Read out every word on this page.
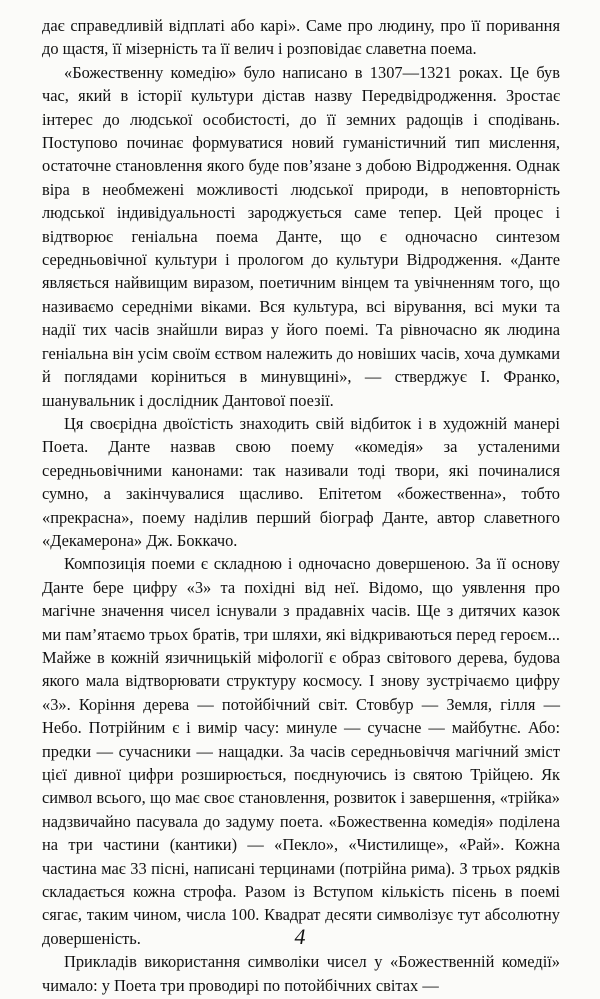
дає справедливій відплаті або карі». Саме про людину, про її поривання до щастя, її мізерність та її велич і розповідає славетна поема.

«Божественну комедію» було написано в 1307—1321 роках. Це був час, який в історії культури дістав назву Передвідродження. Зростає інтерес до людської особистості, до її земних радощів і сподівань. Поступово починає формуватися новий гуманістичний тип мислення, остаточне становлення якого буде пов’язане з добою Відродження. Однак віра в необмежені можливості людської природи, в неповторність людської індивідуальності зароджується саме тепер. Цей процес і відтворює геніальна поема Данте, що є одночасно синтезом середньовічної культури і прологом до культури Відродження. «Данте являється найвищим виразом, поетичним вінцем та увічненням того, що називаємо середніми віками. Вся культура, всі вірування, всі муки та надії тих часів знайшли вираз у його поемі. Та рівночасно як людина геніальна він усім своїм єством належить до новіших часів, хоча думками й поглядами коріниться в минувщині», — стверджує І. Франко, шанувальник і дослідник Дантової поезії.

Ця своєрідна двоїстість знаходить свій відбиток і в художній манері Поета. Данте назвав свою поему «комедія» за усталеними середньовічними канонами: так називали тоді твори, які починалися сумно, а закінчувалися щасливо. Епітетом «божественна», тобто «прекрасна», поему наділив перший біограф Данте, автор славетного «Декамерона» Дж. Боккачо.

Композиція поеми є складною і одночасно довершеною. За її основу Данте бере цифру «3» та похідні від неї. Відомо, що уявлення про магічне значення чисел існували з прадавніх часів. Ще з дитячих казок ми пам’ятаємо трьох братів, три шляхи, які відкриваються перед героєм... Майже в кожній язичницькій міфології є образ світового дерева, будова якого мала відтворювати структуру космосу. І знову зустрічаємо цифру «3». Коріння дерева — потойбічний світ. Стовбур — Земля, гілля — Небо. Потрійним є і вимір часу: минуле — сучасне — майбутнє. Або: предки — сучасники — нащадки. За часів середньовіччя магічний зміст цієї дивної цифри розширюється, поєднуючись із святою Трійцею. Як символ всього, що має своє становлення, розвиток і завершення, «трійка» надзвичайно пасувала до задуму поета. «Божественна комедія» поділена на три частини (кантики) — «Пекло», «Чистилище», «Рай». Кожна частина має 33 пісні, написані терцинами (потрійна рима). З трьох рядків складається кожна строфа. Разом із Вступом кількість пісень в поемі сягає, таким чином, числа 100. Квадрат десяти символізує тут абсолютну довершеність.

Прикладів використання символіки чисел у «Божественній комедії» чимало: у Поета три проводирі по потойбічних світах —

4
